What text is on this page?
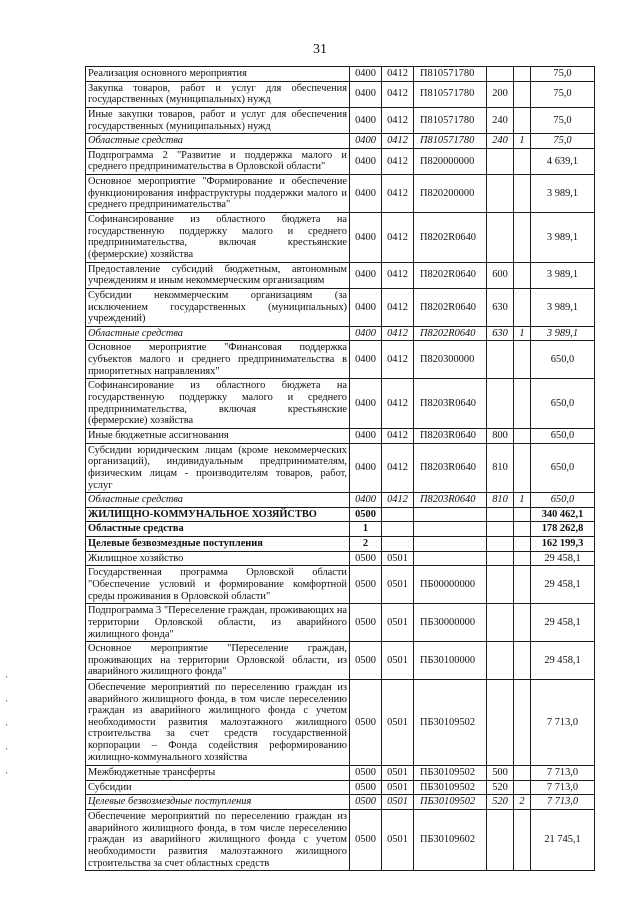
31
Реализация основного мероприятия	0400	0412	П810571780			75,0
Закупка товаров, работ и услуг для обеспечения государственных (муниципальных) нужд	0400	0412	П810571780	200		75,0
Иные закупки товаров, работ и услуг для обеспечения государственных (муниципальных) нужд	0400	0412	П810571780	240		75,0
Областные средства	0400	0412	П810571780	240	1	75,0
Подпрограмма 2 "Развитие и поддержка малого и среднего предпринимательства в Орловской области"	0400	0412	П820000000			4 639,1
Основное мероприятие "Формирование и обеспечение функционирования инфраструктуры поддержки малого и среднего предпринимательства"	0400	0412	П820200000			3 989,1
Софинансирование из областного бюджета на государственную поддержку малого и среднего предпринимательства, включая крестьянские (фермерские) хозяйства	0400	0412	П8202R0640			3 989,1
Предоставление субсидий бюджетным, автономным учреждениям и иным некоммерческим организациям	0400	0412	П8202R0640	600		3 989,1
Субсидии некоммерческим организациям (за исключением государственных (муниципальных) учреждений)	0400	0412	П8202R0640	630		3 989,1
Областные средства	0400	0412	П8202R0640	630	1	3 989,1
Основное мероприятие "Финансовая поддержка субъектов малого и среднего предпринимательства в приоритетных направлениях"	0400	0412	П820300000			650,0
Софинансирование из областного бюджета на государственную поддержку малого и среднего предпринимательства, включая крестьянские (фермерские) хозяйства	0400	0412	П8203R0640			650,0
Иные бюджетные ассигнования	0400	0412	П8203R0640	800		650,0
Субсидии юридическим лицам (кроме некоммерческих организаций), индивидуальным предпринимателям, физическим лицам - производителям товаров, работ, услуг	0400	0412	П8203R0640	810		650,0
Областные средства	0400	0412	П8203R0640	810	1	650,0
ЖИЛИЩНО-КОММУНАЛЬНОЕ ХОЗЯЙСТВО	0500					340 462,1
Областные средства	1					178 262,8
Целевые безвозмездные поступления	2					162 199,3
Жилищное хозяйство	0500	0501				29 458,1
Государственная программа Орловской области "Обеспечение условий и формирование комфортной среды проживания в Орловской области"	0500	0501	ПБ00000000			29 458,1
Подпрограмма 3 "Переселение граждан, проживающих на территории Орловской области, из аварийного жилищного фонда"	0500	0501	ПБ30000000			29 458,1
Основное мероприятие "Переселение граждан, проживающих на территории Орловской области, из аварийного жилищного фонда"	0500	0501	ПБ30100000			29 458,1
Обеспечение мероприятий по переселению граждан из аварийного жилищного фонда, в том числе переселению граждан из аварийного жилищного фонда с учетом необходимости развития малоэтажного жилищного строительства за счет средств государственной корпорации – Фонда содействия реформированию жилищно-коммунального хозяйства	0500	0501	ПБ30109502			7 713,0
Межбюджетные трансферты	0500	0501	ПБ30109502	500		7 713,0
Субсидии	0500	0501	ПБ30109502	520		7 713,0
Целевые безвозмездные поступления	0500	0501	ПБ30109502	520	2	7 713,0
Обеспечение мероприятий по переселению граждан из аварийного жилищного фонда, в том числе переселению граждан из аварийного жилищного фонда с учетом необходимости развития малоэтажного жилищного строительства за счет областных средств	0500	0501	ПБ30109602			21 745,1
